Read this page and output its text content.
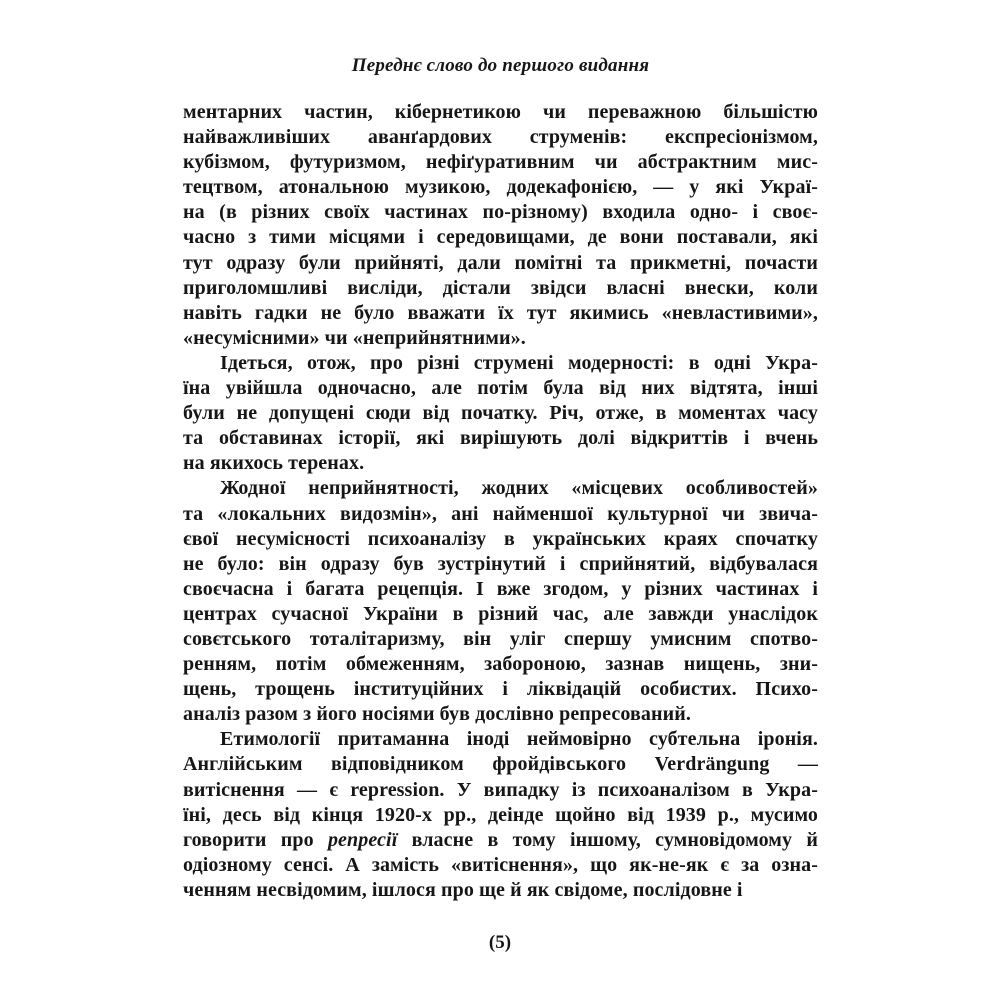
Переднє слово до першого видання
ментарних частин, кібернетикою чи переважною більшістю
найважливіших аванґардових струменів: експресіонізмом,
кубізмом, футуризмом, нефіґуративним чи абстрактним мис-
тецтвом, атональною музикою, додекафонією, — у які Украї-
на (в різних своїх частинах по-різному) входила одно- і своє-
часно з тими місцями і середовищами, де вони поставали, які
тут одразу були прийняті, дали помітні та прикметні, почасти
приголомшливі висліди, дістали звідси власні внески, коли
навіть гадки не було вважати їх тут якимись «невластивими»,
«несумісними» чи «неприйнятними».
Ідеться, отож, про різні струмені модерності: в одні Укра-
їна увійшла одночасно, але потім була від них відтята, інші
були не допущені сюди від початку. Річ, отже, в моментах часу
та обставинах історії, які вирішують долі відкриттів і вчень
на якихось теренах.
Жодної неприйнятності, жодних «місцевих особливостей»
та «локальних видозмін», ані найменшої культурної чи звича-
євої несумісності психоаналізу в українських краях спочатку
не було: він одразу був зустрінутий і сприйнятий, відбувалася
своєчасна і багата рецепція. І вже згодом, у різних частинах і
центрах сучасної України в різний час, але завжди унаслідок
совєтського тоталітаризму, він уліг спершу умисним спотво-
ренням, потім обмеженням, забороною, зазнав нищень, зни-
щень, трощень інституційних і ліквідацій особистих. Психо-
аналіз разом з його носіями був дослівно репресований.
Етимології притаманна іноді неймовірно субтельна іронія.
Англійським відповідником фройдівського Verdrängung —
витіснення — є repression. У випадку із психоаналізом в Укра-
їні, десь від кінця 1920-х рр., деінде щойно від 1939 р., мусимо
говорити про репресії власне в тому іншому, сумновідомому й
одіозному сенсі. А замість «витіснення», що як-не-як є за озна-
ченням несвідомим, ішлося про ще й як свідоме, послідовне і
(5)
